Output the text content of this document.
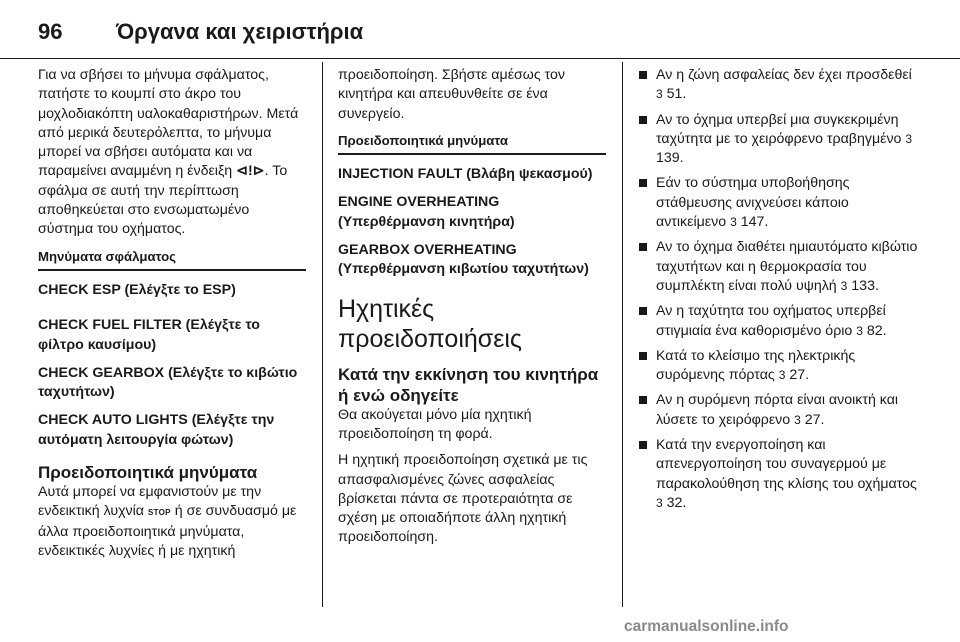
96	Όργανα και χειριστήρια

Για να σβήσει το μήνυμα σφάλματος, πατήστε το κουμπί στο άκρο του μοχλοδιακόπτη υαλοκαθαριστήρων. Μετά από μερικά δευτερόλεπτα, το μήνυμα μπορεί να σβήσει αυτόματα και να παραμείνει αναμμένη η ένδειξη ⊲!⊳. Το σφάλμα σε αυτή την περίπτωση αποθηκεύεται στο ενσωματωμένο σύστημα του οχήματος.

Μηνύματα σφάλματος
CHECK ESP (Ελέγξτε το ESP)
CHECK FUEL FILTER (Ελέγξτε το φίλτρο καυσίμου)
CHECK GEARBOX (Ελέγξτε το κιβώτιο ταχυτήτων)
CHECK AUTO LIGHTS (Ελέγξτε την αυτόματη λειτουργία φώτων)
Προειδοποιητικά μηνύματα

Αυτά μπορεί να εμφανιστούν με την ενδεικτική λυχνία STOP ή σε συνδυασμό με άλλα προειδοποιητικά μηνύματα, ενδεικτικές λυχνίες ή με ηχητική

προειδοποίηση. Σβήστε αμέσως τον κινητήρα και απευθυνθείτε σε ένα συνεργείο.

Προειδοποιητικά μηνύματα
INJECTION FAULT (Βλάβη ψεκασμού)
ENGINE OVERHEATING (Υπερθέρμανση κινητήρα)
GEARBOX OVERHEATING (Υπερθέρμανση κιβωτίου ταχυτήτων)
Ηχητικές προειδοποιήσεις
Κατά την εκκίνηση του κινητήρα ή ενώ οδηγείτε

Θα ακούγεται μόνο μία ηχητική προειδοποίηση τη φορά.

Η ηχητική προειδοποίηση σχετικά με τις απασφαλισμένες ζώνες ασφαλείας βρίσκεται πάντα σε προτεραιότητα σε σχέση με οποιαδήποτε άλλη ηχητική προειδοποίηση.

Αν η ζώνη ασφαλείας δεν έχει προσδεθεί 3 51.
Αν το όχημα υπερβεί μια συγκεκριμένη ταχύτητα με το χειρόφρενο τραβηγμένο 3 139.
Εάν το σύστημα υποβοήθησης στάθμευσης ανιχνεύσει κάποιο αντικείμενο 3 147.
Αν το όχημα διαθέτει ημιαυτόματο κιβώτιο ταχυτήτων και η θερμοκρασία του συμπλέκτη είναι πολύ υψηλή 3 133.
Αν η ταχύτητα του οχήματος υπερβεί στιγμιαία ένα καθορισμένο όριο 3 82.
Κατά το κλείσιμο της ηλεκτρικής συρόμενης πόρτας 3 27.
Αν η συρόμενη πόρτα είναι ανοικτή και λύσετε το χειρόφρενο 3 27.
Κατά την ενεργοποίηση και απενεργοποίηση του συναγερμού με παρακολούθηση της κλίσης του οχήματος 3 32.
carmanualsonline.info
